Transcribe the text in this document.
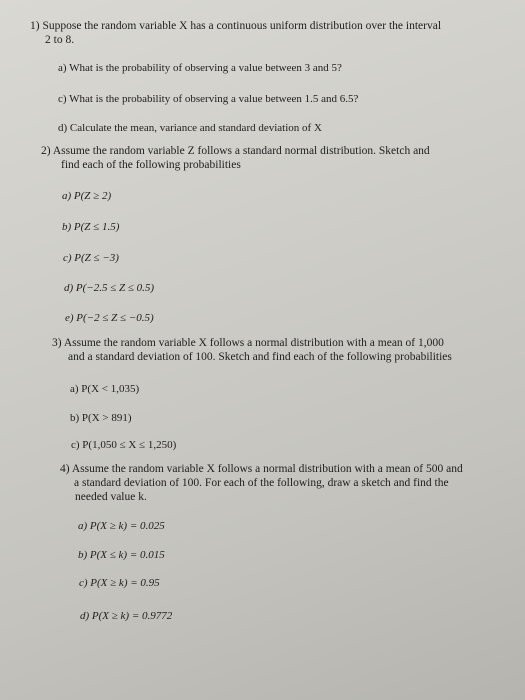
1) Suppose the random variable X has a continuous uniform distribution over the interval
2 to 8.
a) What is the probability of observing a value between 3 and 5?
c) What is the probability of observing a value between 1.5 and 6.5?
d) Calculate the mean, variance and standard deviation of X
2) Assume the random variable Z follows a standard normal distribution. Sketch and
find each of the following probabilities
a) P(Z ≥ 2)
b) P(Z ≤ 1.5)
c) P(Z ≤ −3)
d) P(−2.5 ≤ Z ≤ 0.5)
e) P(−2 ≤ Z ≤ −0.5)
3) Assume the random variable X follows a normal distribution with a mean of 1,000
and a standard deviation of 100. Sketch and find each of the following probabilities
a) P(X < 1,035)
b) P(X > 891)
c) P(1,050 ≤ X ≤ 1,250)
4) Assume the random variable X follows a normal distribution with a mean of 500 and
a standard deviation of 100. For each of the following, draw a sketch and find the
needed value k.
a) P(X ≥ k) = 0.025
b) P(X ≤ k) = 0.015
c) P(X ≥ k) = 0.95
d) P(X ≥ k) = 0.9772
